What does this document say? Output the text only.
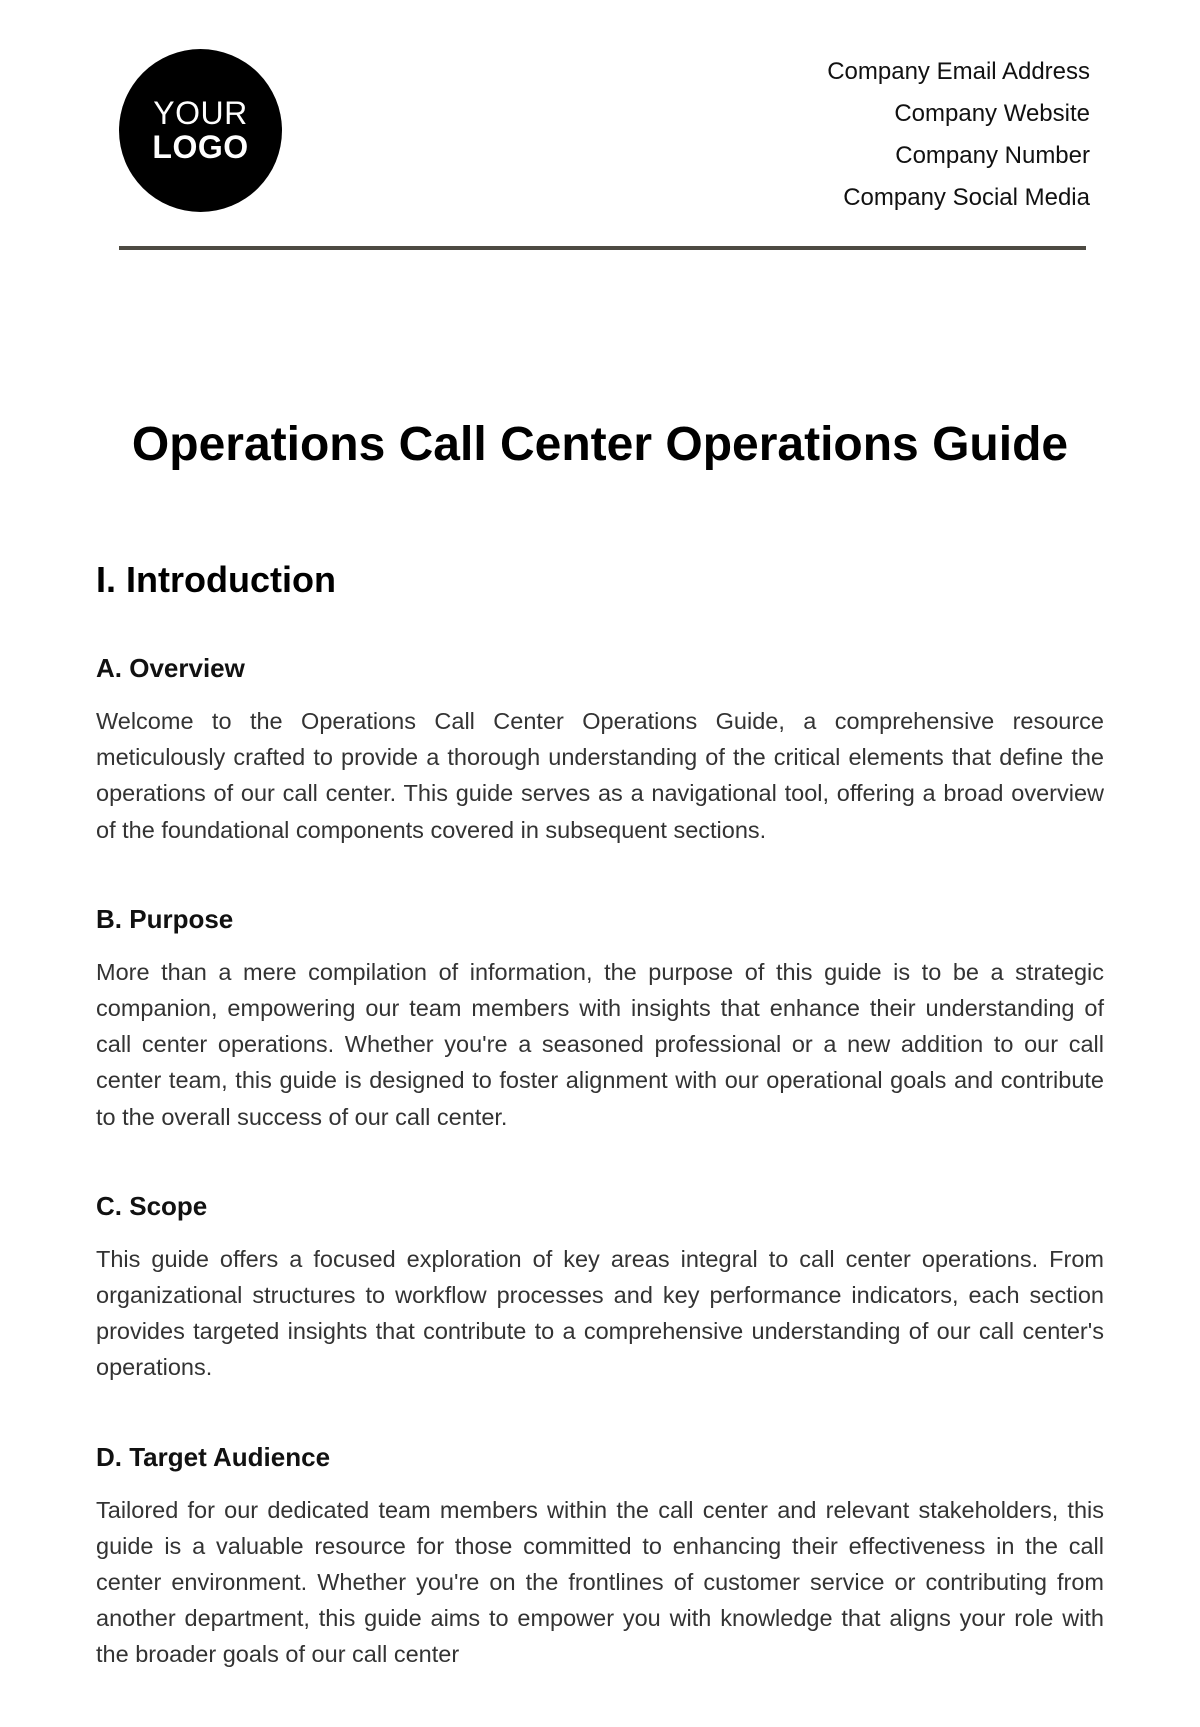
YOUR
LOGO
Company Email Address
Company Website
Company Number
Company Social Media
Operations Call Center Operations Guide
I. Introduction
A. Overview

Welcome to the Operations Call Center Operations Guide, a comprehensive resource meticulously crafted to provide a thorough understanding of the critical elements that define the operations of our call center. This guide serves as a navigational tool, offering a broad overview of the foundational components covered in subsequent sections.

B. Purpose

More than a mere compilation of information, the purpose of this guide is to be a strategic companion, empowering our team members with insights that enhance their understanding of call center operations. Whether you're a seasoned professional or a new addition to our call center team, this guide is designed to foster alignment with our operational goals and contribute to the overall success of our call center.

C. Scope

This guide offers a focused exploration of key areas integral to call center operations. From organizational structures to workflow processes and key performance indicators, each section provides targeted insights that contribute to a comprehensive understanding of our call center's operations.

D. Target Audience

Tailored for our dedicated team members within the call center and relevant stakeholders, this guide is a valuable resource for those committed to enhancing their effectiveness in the call center environment. Whether you're on the frontlines of customer service or contributing from another department, this guide aims to empower you with knowledge that aligns your role with the broader goals of our call center
